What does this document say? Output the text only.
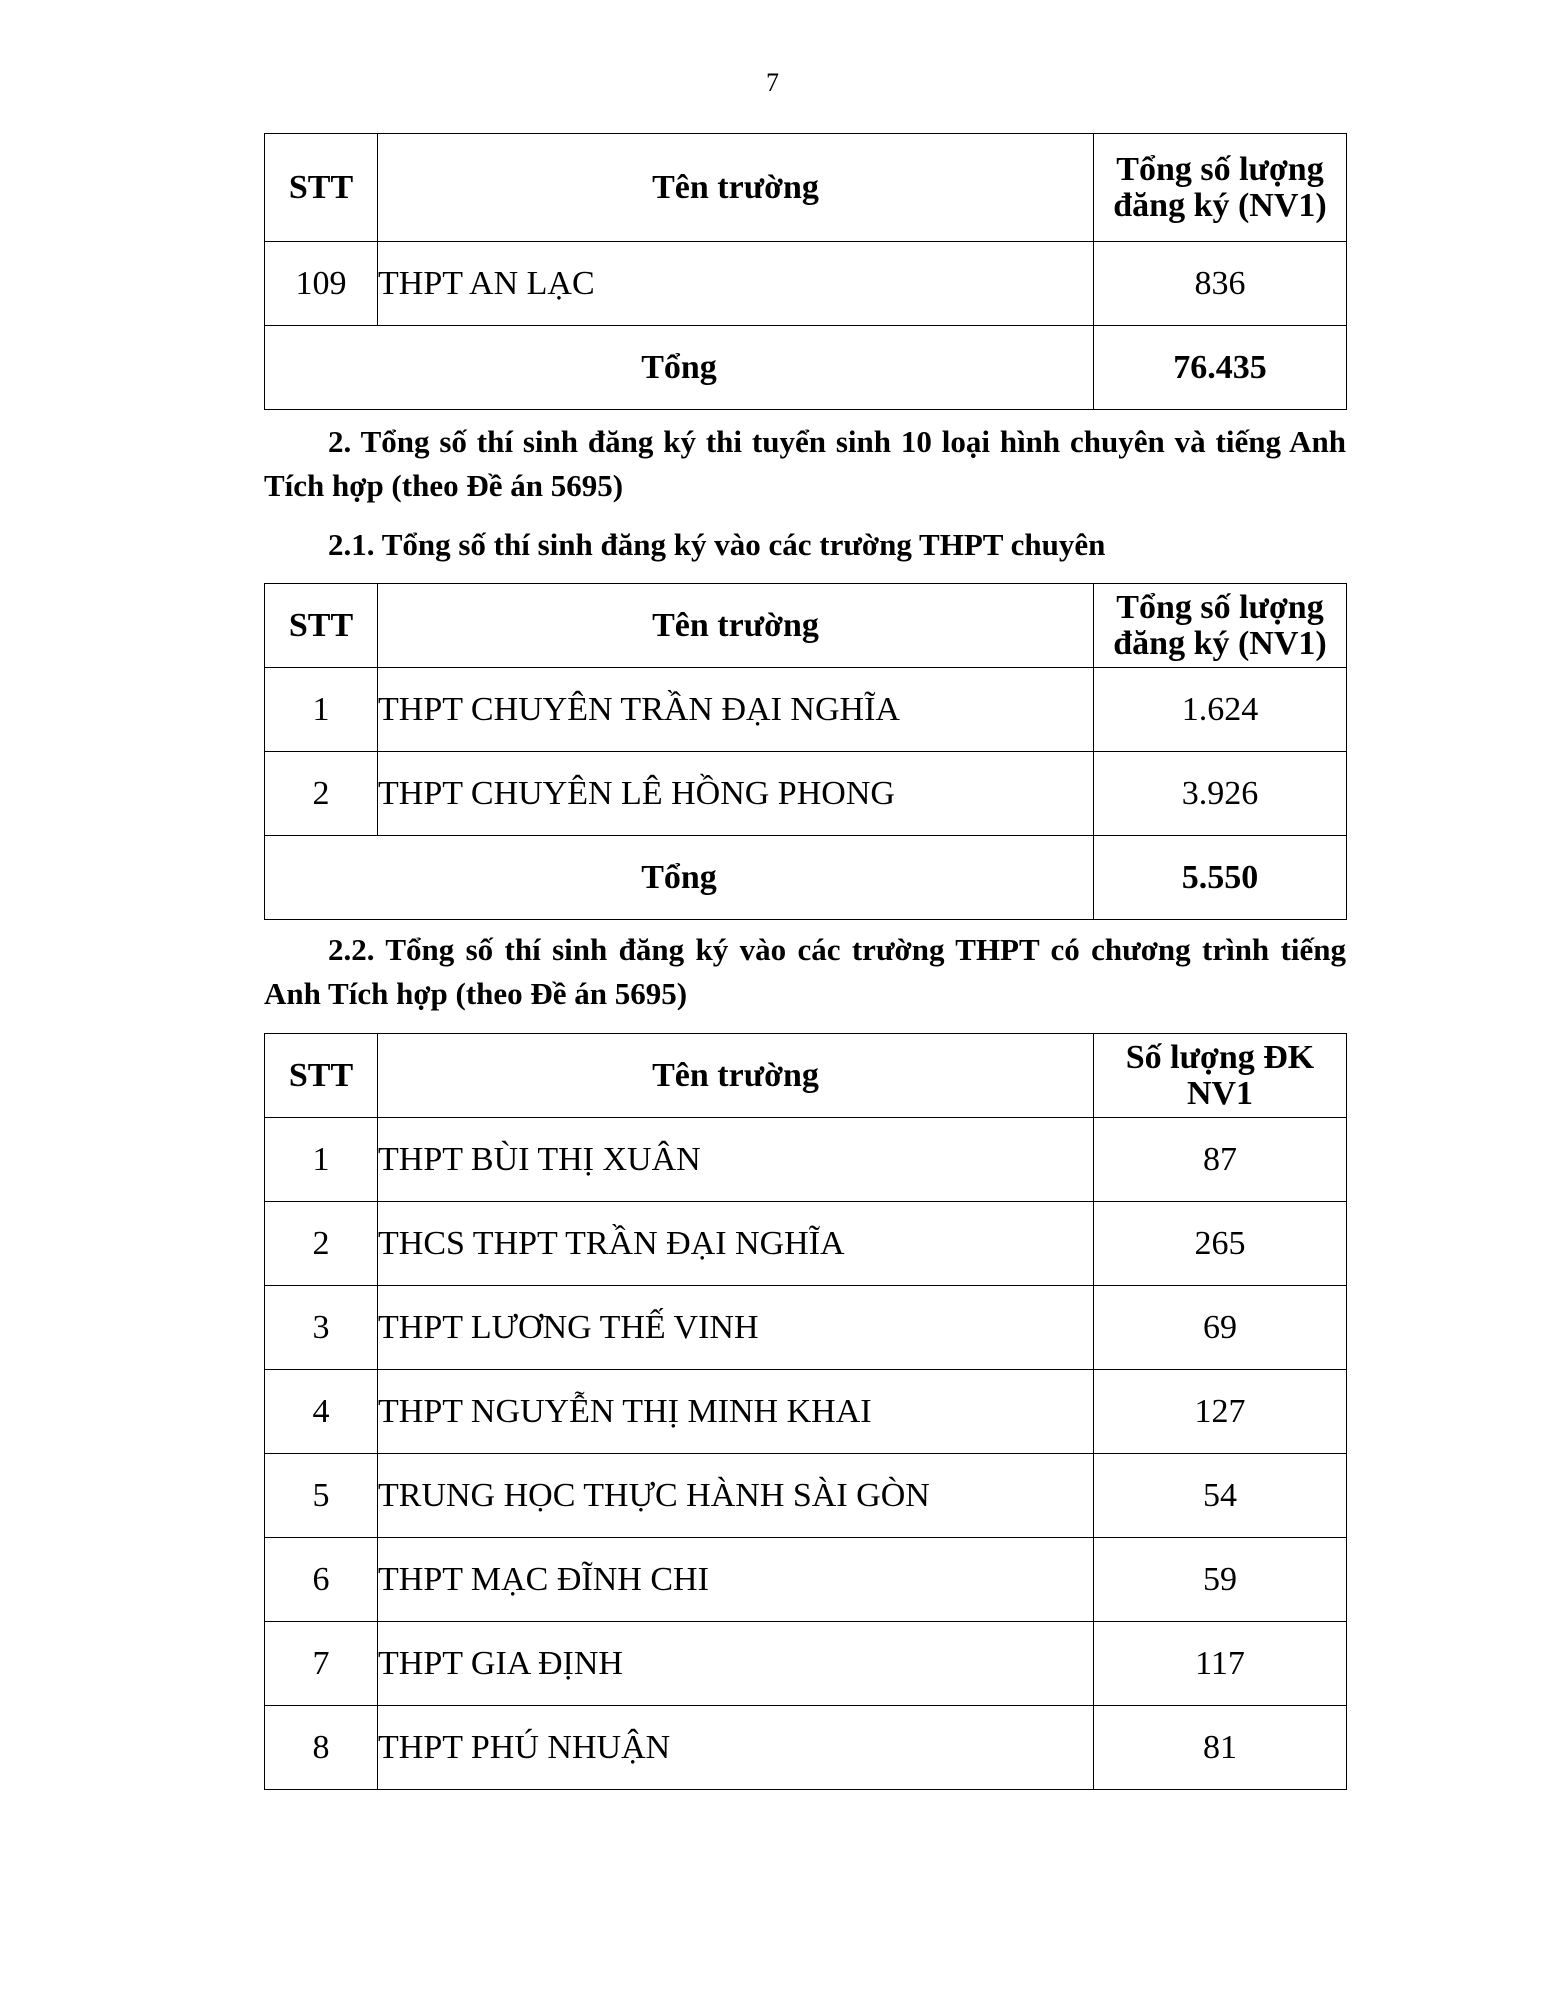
7
STT	Tên trường	Tổng số lượng đăng ký (NV1)
109	THPT AN LẠC	836
Tổng		76.435
2. Tổng số thí sinh đăng ký thi tuyển sinh 10 loại hình chuyên và tiếng Anh Tích hợp (theo Đề án 5695)
2.1. Tổng số thí sinh đăng ký vào các trường THPT chuyên
STT	Tên trường	Tổng số lượng đăng ký (NV1)
1	THPT CHUYÊN TRẦN ĐẠI NGHĨA	1.624
2	THPT CHUYÊN LÊ HỒNG PHONG	3.926
Tổng		5.550
2.2. Tổng số thí sinh đăng ký vào các trường THPT có chương trình tiếng Anh Tích hợp (theo Đề án 5695)
STT	Tên trường	Số lượng ĐK NV1
1	THPT BÙI THỊ XUÂN	87
2	THCS THPT TRẦN ĐẠI NGHĨA	265
3	THPT LƯƠNG THẾ VINH	69
4	THPT NGUYỄN THỊ MINH KHAI	127
5	TRUNG HỌC THỰC HÀNH SÀI GÒN	54
6	THPT MẠC ĐĨNH CHI	59
7	THPT GIA ĐỊNH	117
8	THPT PHÚ NHUẬN	81
